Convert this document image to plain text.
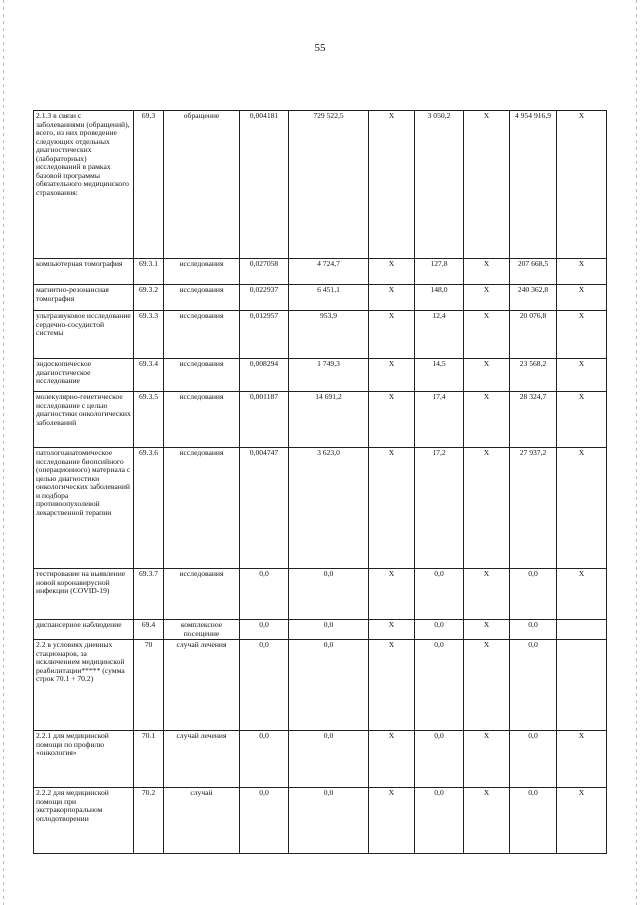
55
2.1.3 в связи с заболеваниями (обращений), всего, из них проведение следующих отдельных диагностических (лабораторных) исследований в рамках базовой программы обязательного медицинского страхования:	69.3	обращение	0,004181	729 522,5	X	3 050,2	X	4 954 916,9	X
компьютерная томография	69.3.1	исследования	0,027058	4 724,7	X	127,8	X	207 668,5	X
магнитно-резонансная томография	69.3.2	исследования	0,022937	6 451,1	X	148,0	X	240 362,8	X
ультразвуковое исследование сердечно-сосудистой системы	69.3.3	исследования	0,012957	953,9	X	12,4	X	20 076,8	X
эндоскопическое диагностическое исследование	69.3.4	исследования	0,008294	1 749,3	X	14,5	X	23 568,2	X
молекулярно-генетическое исследование с целью диагностики онкологических заболеваний	69.3.5	исследования	0,001187	14 691,2	X	17,4	X	28 324,7	X
патологоанатомическое исследование биопсийного (операционного) материала с целью диагностики онкологических заболеваний и подбора противоопухолевой лекарственной терапии	69.3.6	исследования	0,004747	3 623,0	X	17,2	X	27 937,2	X
тестирование на выявление новой коронавирусной инфекции (COVID-19)	69.3.7	исследования	0,0	0,0	X	0,0	X	0,0	X
диспансерное наблюдение	69.4	комплексное посещение	0,0	0,0	X	0,0	X	0,0	
2.2 в условиях дневных стационаров, за исключением медицинской реабилитации***** (сумма строк 70.1 + 70.2)	70	случай лечения	0,0	0,0	X	0,0	X	0,0	
2.2.1 для медицинской помощи по профилю «онкология»	70.1	случай лечения	0,0	0,0	X	0,0	X	0,0	X
2.2.2 для медицинской помощи при экстракорпоральном оплодотворении	70.2	случай	0,0	0,0	X	0,0	X	0,0	X
